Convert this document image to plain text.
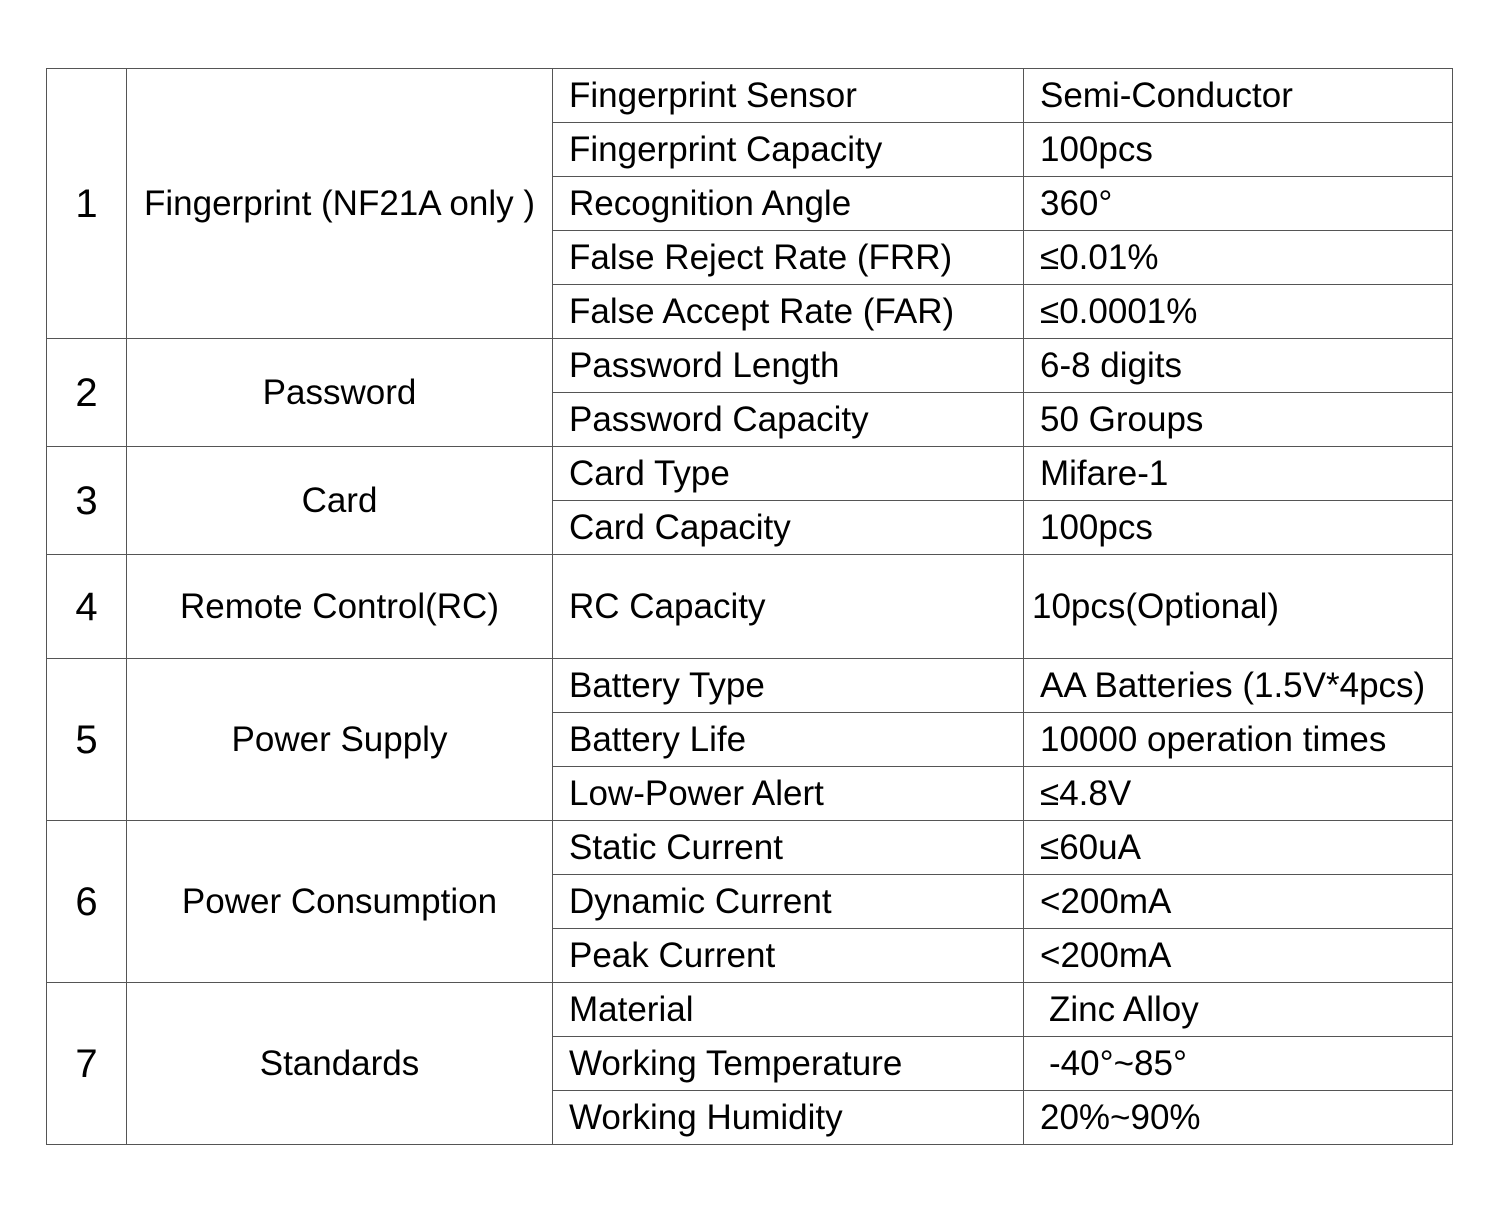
1	Fingerprint (NF21A only )	Fingerprint Sensor	Semi-Conductor
		Fingerprint Capacity	100pcs
		Recognition Angle	360°
		False Reject Rate (FRR)	≤0.01%
		False Accept Rate (FAR)	≤0.0001%
2	Password	Password Length	6-8 digits
		Password Capacity	50 Groups
3	Card	Card Type	Mifare-1
		Card Capacity	100pcs
4	Remote Control(RC)	RC Capacity	10pcs(Optional)
5	Power Supply	Battery Type	AA Batteries (1.5V*4pcs)
		Battery Life	10000 operation times
		Low-Power Alert	≤4.8V
6	Power Consumption	Static Current	≤60uA
		Dynamic Current	<200mA
		Peak Current	<200mA
7	Standards	Material	Zinc Alloy
		Working Temperature	-40°~85°
		Working Humidity	20%~90%
